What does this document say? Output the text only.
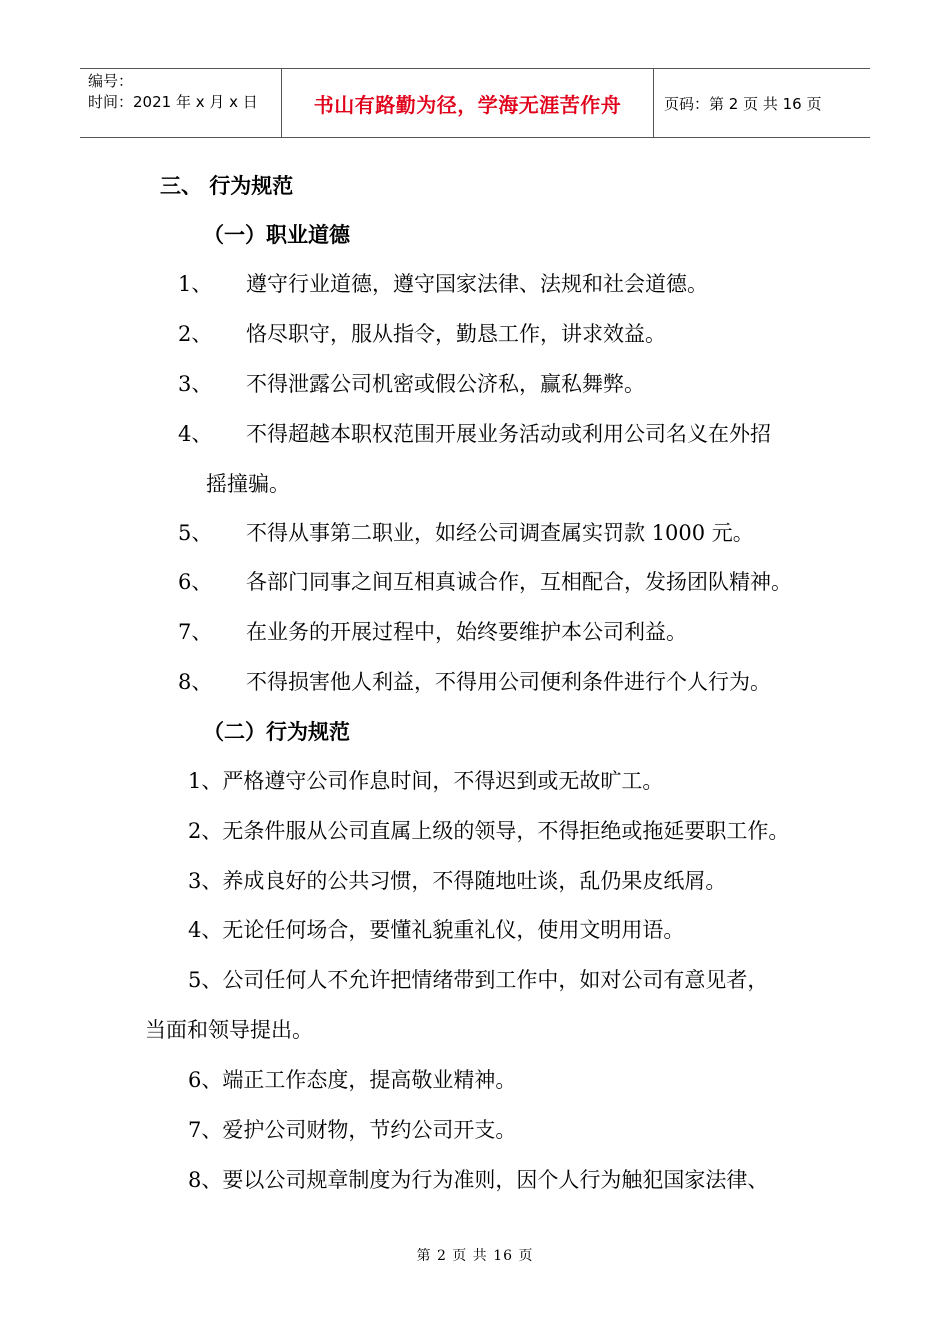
编号：
时间：2021 年 x 月 x 日	书山有路勤为径，学海无涯苦作舟	页码：第 2 页 共 16 页
三、 行为规范
（一）职业道德
1、 遵守行业道德，遵守国家法律、法规和社会道德。
2、 恪尽职守，服从指令，勤恳工作，讲求效益。
3、 不得泄露公司机密或假公济私，赢私舞弊。
4、 不得超越本职权范围开展业务活动或利用公司名义在外招
摇撞骗。
5、 不得从事第二职业，如经公司调查属实罚款 1000 元。
6、 各部门同事之间互相真诚合作，互相配合，发扬团队精神。
7、 在业务的开展过程中，始终要维护本公司利益。
8、 不得损害他人利益，不得用公司便利条件进行个人行为。
（二）行为规范
1、严格遵守公司作息时间，不得迟到或无故旷工。
2、无条件服从公司直属上级的领导，不得拒绝或拖延要职工作。
3、养成良好的公共习惯，不得随地吐谈，乱仍果皮纸屑。
4、无论任何场合，要懂礼貌重礼仪，使用文明用语。
5、公司任何人不允许把情绪带到工作中，如对公司有意见者，
当面和领导提出。
6、端正工作态度，提高敬业精神。
7、爱护公司财物，节约公司开支。
8、要以公司规章制度为行为准则，因个人行为触犯国家法律、
第 2 页 共 16 页
